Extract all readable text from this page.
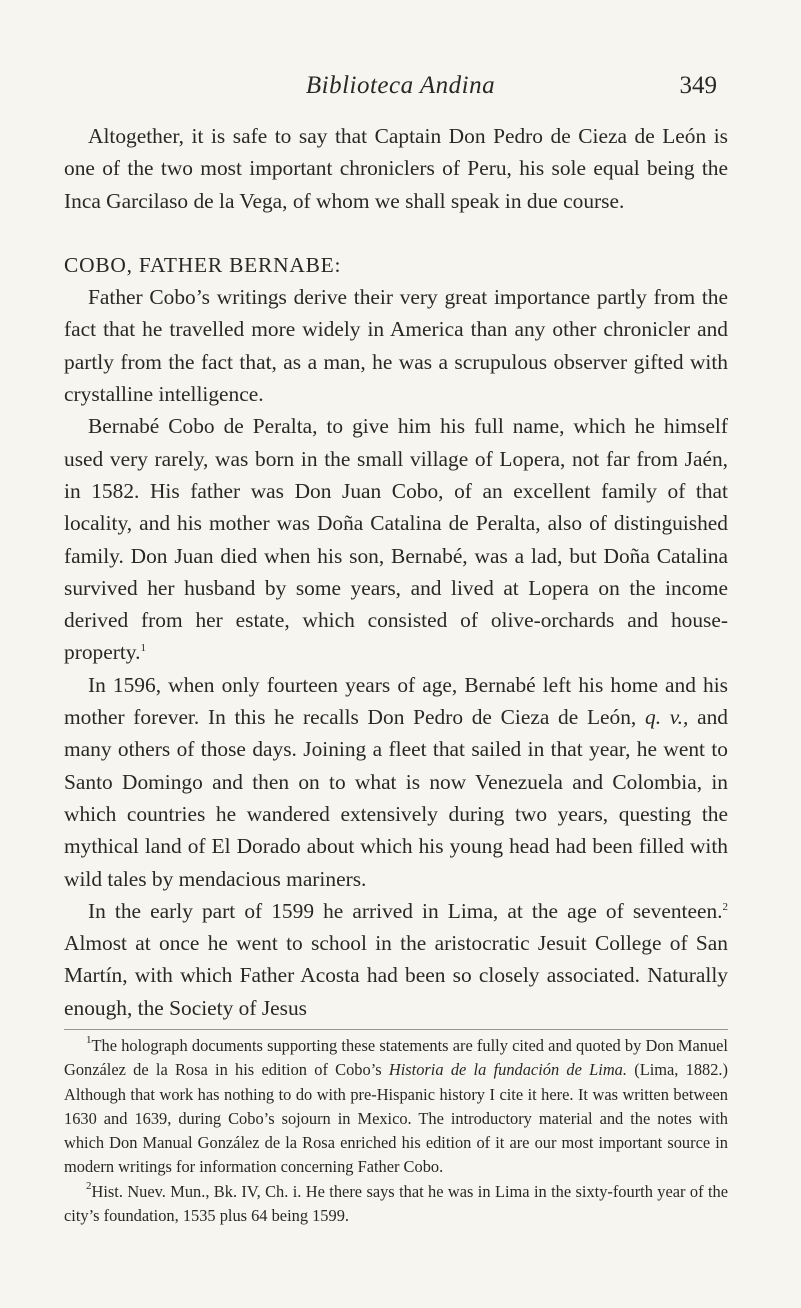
Biblioteca Andina	349

Altogether, it is safe to say that Captain Don Pedro de Cieza de León is one of the two most important chroniclers of Peru, his sole equal being the Inca Garcilaso de la Vega, of whom we shall speak in due course.

COBO, FATHER BERNABE:

Father Cobo’s writings derive their very great importance partly from the fact that he travelled more widely in America than any other chronicler and partly from the fact that, as a man, he was a scrupulous observer gifted with crystalline intelligence.

Bernabé Cobo de Peralta, to give him his full name, which he himself used very rarely, was born in the small village of Lopera, not far from Jaén, in 1582. His father was Don Juan Cobo, of an excellent family of that locality, and his mother was Doña Catalina de Peralta, also of distinguished family. Don Juan died when his son, Bernabé, was a lad, but Doña Catalina survived her husband by some years, and lived at Lopera on the income derived from her estate, which consisted of olive-orchards and house-property.$^1$

In 1596, when only fourteen years of age, Bernabé left his home and his mother forever. In this he recalls Don Pedro de Cieza de León, q. v., and many others of those days. Joining a fleet that sailed in that year, he went to Santo Domingo and then on to what is now Venezuela and Colombia, in which countries he wandered extensively during two years, questing the mythical land of El Dorado about which his young head had been filled with wild tales by mendacious mariners.

In the early part of 1599 he arrived in Lima, at the age of seventeen.$^2$ Almost at once he went to school in the aristocratic Jesuit College of San Martín, with which Father Acosta had been so closely associated. Naturally enough, the Society of Jesus

$^1$The holograph documents supporting these statements are fully cited and quoted by Don Manuel González de la Rosa in his edition of Cobo’s Historia de la fundación de Lima. (Lima, 1882.) Although that work has nothing to do with pre-Hispanic history I cite it here. It was written between 1630 and 1639, during Cobo’s sojourn in Mexico. The introductory material and the notes with which Don Manual González de la Rosa enriched his edition of it are our most important source in modern writings for information concerning Father Cobo.

$^2$Hist. Nuev. Mun., Bk. IV, Ch. i. He there says that he was in Lima in the sixty-fourth year of the city’s foundation, 1535 plus 64 being 1599.
